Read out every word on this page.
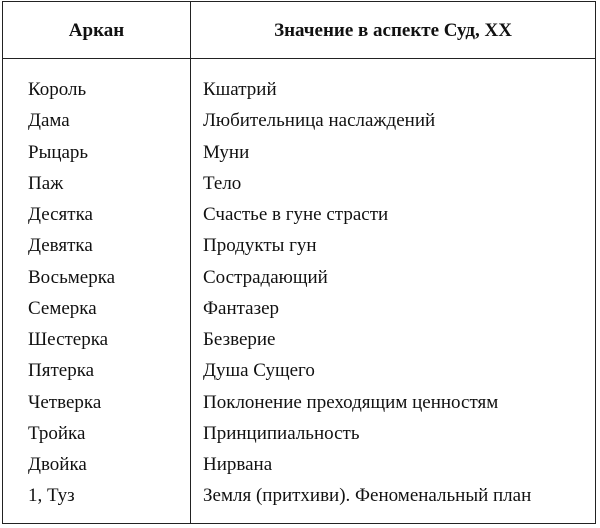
Аркан	Значение в аспекте Суд, XX
Король	Кшатрий
Дама	Любительница наслаждений
Рыцарь	Муни
Паж	Тело
Десятка	Счастье в гуне страсти
Девятка	Продукты гун
Восьмерка	Сострадающий
Семерка	Фантазер
Шестерка	Безверие
Пятерка	Душа Сущего
Четверка	Поклонение преходящим ценностям
Тройка	Принципиальность
Двойка	Нирвана
1, Туз	Земля (притхиви). Феноменальный план
